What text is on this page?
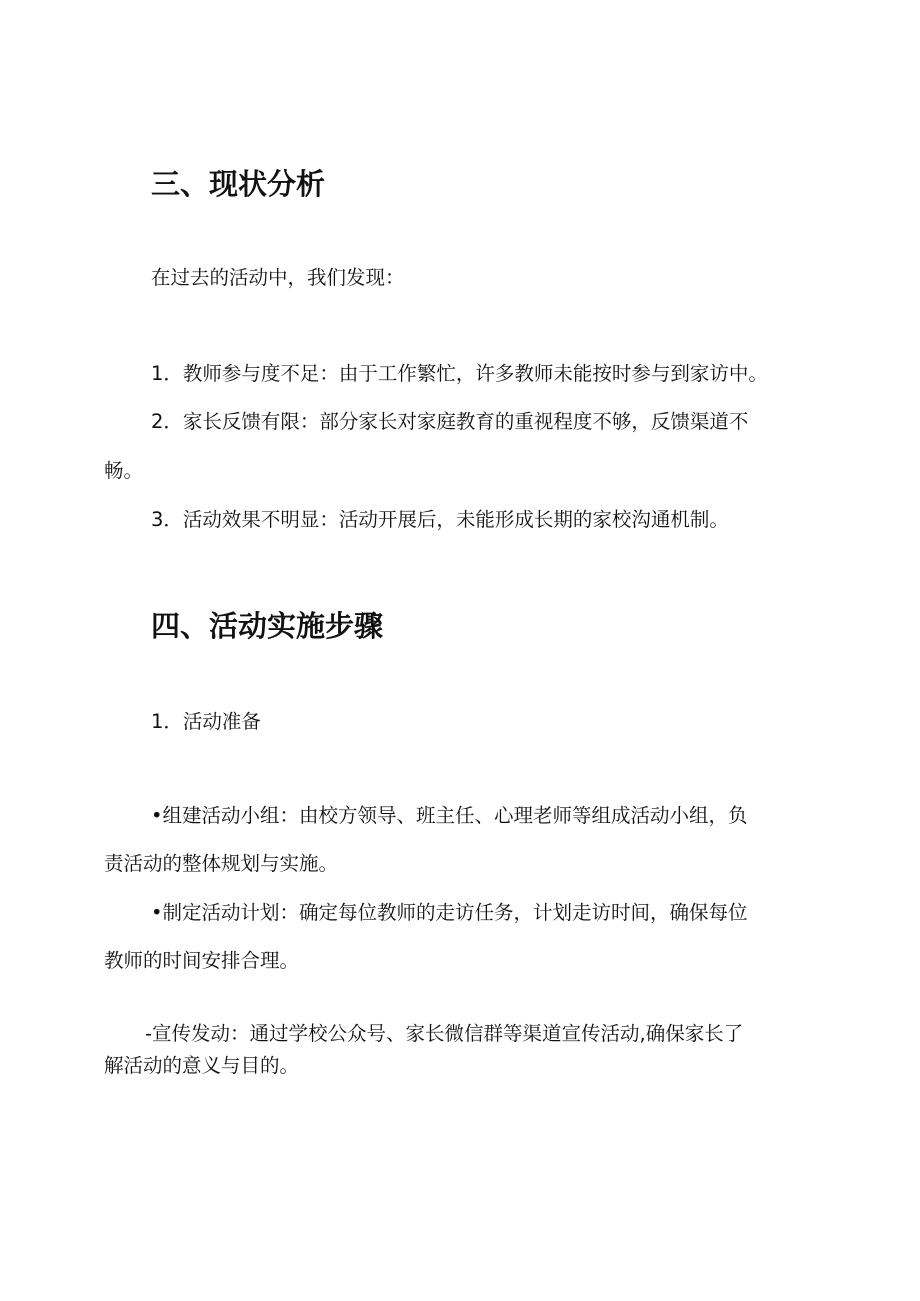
三、现状分析
在过去的活动中，我们发现：
1．教师参与度不足：由于工作繁忙，许多教师未能按时参与到家访中。
2．家长反馈有限：部分家长对家庭教育的重视程度不够，反馈渠道不
畅。
3．活动效果不明显：活动开展后，未能形成长期的家校沟通机制。
四、活动实施步骤
1．活动准备
•组建活动小组：由校方领导、班主任、心理老师等组成活动小组，负
责活动的整体规划与实施。
•制定活动计划：确定每位教师的走访任务，计划走访时间，确保每位
教师的时间安排合理。
-宣传发动：通过学校公众号、家长微信群等渠道宣传活动,确保家长了
解活动的意义与目的。
